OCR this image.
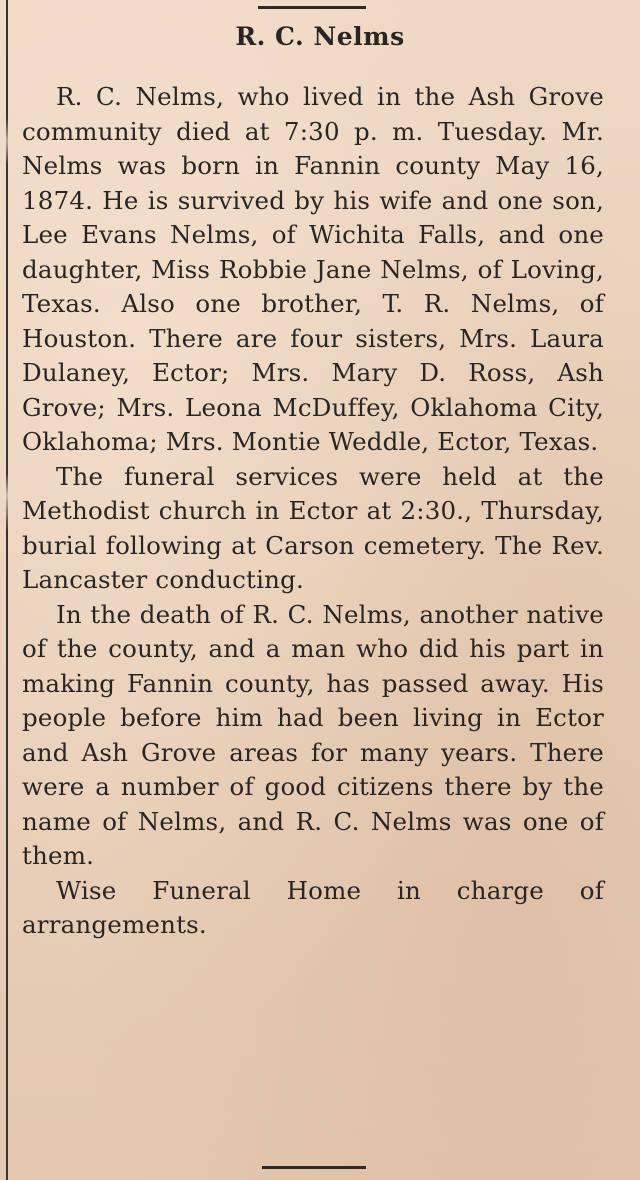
R. C. Nelms

R. C. Nelms, who lived in the Ash Grove community died at 7:30 p. m. Tuesday. Mr. Nelms was born in Fannin county May 16, 1874. He is survived by his wife and one son, Lee Evans Nelms, of Wichita Falls, and one daughter, Miss Robbie Jane Nelms, of Loving, Texas. Also one brother, T. R. Nelms, of Houston. There are four sisters, Mrs. Laura Dulaney, Ector; Mrs. Mary D. Ross, Ash Grove; Mrs. Leona McDuffey, Oklahoma City, Oklahoma; Mrs. Montie Weddle, Ector, Texas.

The funeral services were held at the Methodist church in Ector at 2:30., Thursday, burial following at Carson cemetery. The Rev. Lancaster conducting.

In the death of R. C. Nelms, another native of the county, and a man who did his part in making Fannin county, has passed away. His people before him had been living in Ector and Ash Grove areas for many years. There were a number of good citizens there by the name of Nelms, and R. C. Nelms was one of them.

Wise Funeral Home in charge of arrangements.
